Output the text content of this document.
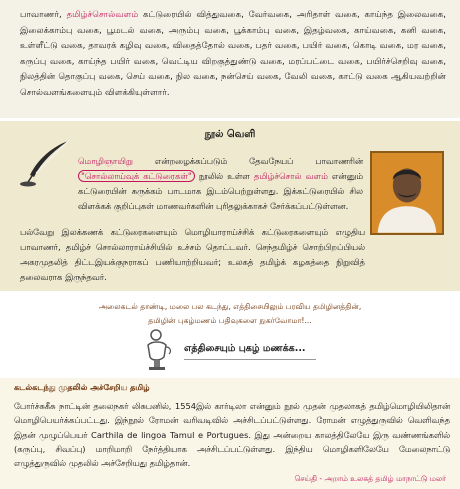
பாவாணர், தமிழ்ச்சொல்வளம் கட்டுரையில் வித்துவகை, வேர்வகை, அரிதாள் வகை, காய்ந்த இலைவகை, இலைக்காம்பு வகை, பூமடல் வகை, அரும்பு வகை, பூக்காம்பு வகை, இதழ்வகை, காய்வகை, கனி வகை, உள்ளீட்டு வகை, தாவரக் கழிவு வகை, விதைத்தோல் வகை, பதர் வகை, பயிர் வகை, கொடி வகை, மர வகை, கருப்பு வகை, காய்ந்த பயிர் வகை, வெட்டிய விறகுத்துண்டு வகை, மரப்பட்டை வகை, பயிர்ச்செறிவு வகை, நிலத்தின் தொகுப்பு வகை, செய் வகை, நில வகை, நன்செய் வகை, வேலி வகை, காட்டு வகை ஆகியவற்றின் சொல்வளங்களையும் விளக்கியுள்ளார்.
நூல் வெளி
மொழிஞாயிறு என்றழைக்கப்படும் தேவநேயப் பாவாணரின் "சொல்லாய்வுக் கட்டுரைகள்" நூலில் உள்ள தமிழ்ச்சொல் வளம் என்னும் கட்டுரையின் சுருக்கம் பாடமாக இடம்பெற்றுள்ளது. இக்கட்டுரையில் சில விளக்கக் குறிப்புகள் மாணவர்களின் புரிதலுக்காகச் சேர்க்கப்பட்டுள்ளன.
பல்வேறு இலக்கணக் கட்டுரைகளையும் மொழியாராய்ச்சிக் கட்டுரைகளையும் எழுதிய பாவாணர், தமிழ்ச் சொல்லாராய்ச்சியில் உச்சம் தொட்டவர். செந்தமிழ்ச் சொற்பிறப்பியல் அகரமுதலித் திட்டஇயக்குநராகப் பணியாற்றியவர்; உலகத் தமிழ்க் கழகத்தை நிறுவித் தலைவராக இருந்தவர்.
அலைகடல் தாண்டி, மலை பல கடந்து, எத்திசையிலும் பரவிய தமிழினத்தின்,
தமிழின் புகழ்மணம் பதிவுகளை நுகர்வோமா!...
எத்திசையும் புகழ் மணக்க...
கடல்கடந்து முதலில் அச்சேறிய தமிழ்
போர்ச்சுகீசு நாட்டின் தலைநகர் லிசுபனில், 1554இல் கார்டிலா என்னும் நூல் முதன் முதலாகத் தமிழ்மொழியிலிதான் மொழிபெயர்க்கப்பட்டது. இந்நூல் ரோமன் வரிவடிவில் அச்சிடப்பட்டுள்ளது. ரோமன் எழுத்துருவில் வெளிவந்த இதன் முழுப்பெயர் Carthila de lingoa Tamul e Portugues. இது அன்றைய காலத்திலேயே இரு வண்ணங்களில் (கருப்பு, சிவப்பு) மாறிமாறி நேர்த்தியாக அச்சிடப்பட்டுள்ளது. இந்திய மொழிகளிலேயே மேலைநாட்டு எழுத்துருவில் முதலில் அச்சேறியது தமிழ்தான்.
செய்தி - அறாம் உலகத் தமிழ் மாநாட்டு மலர்
